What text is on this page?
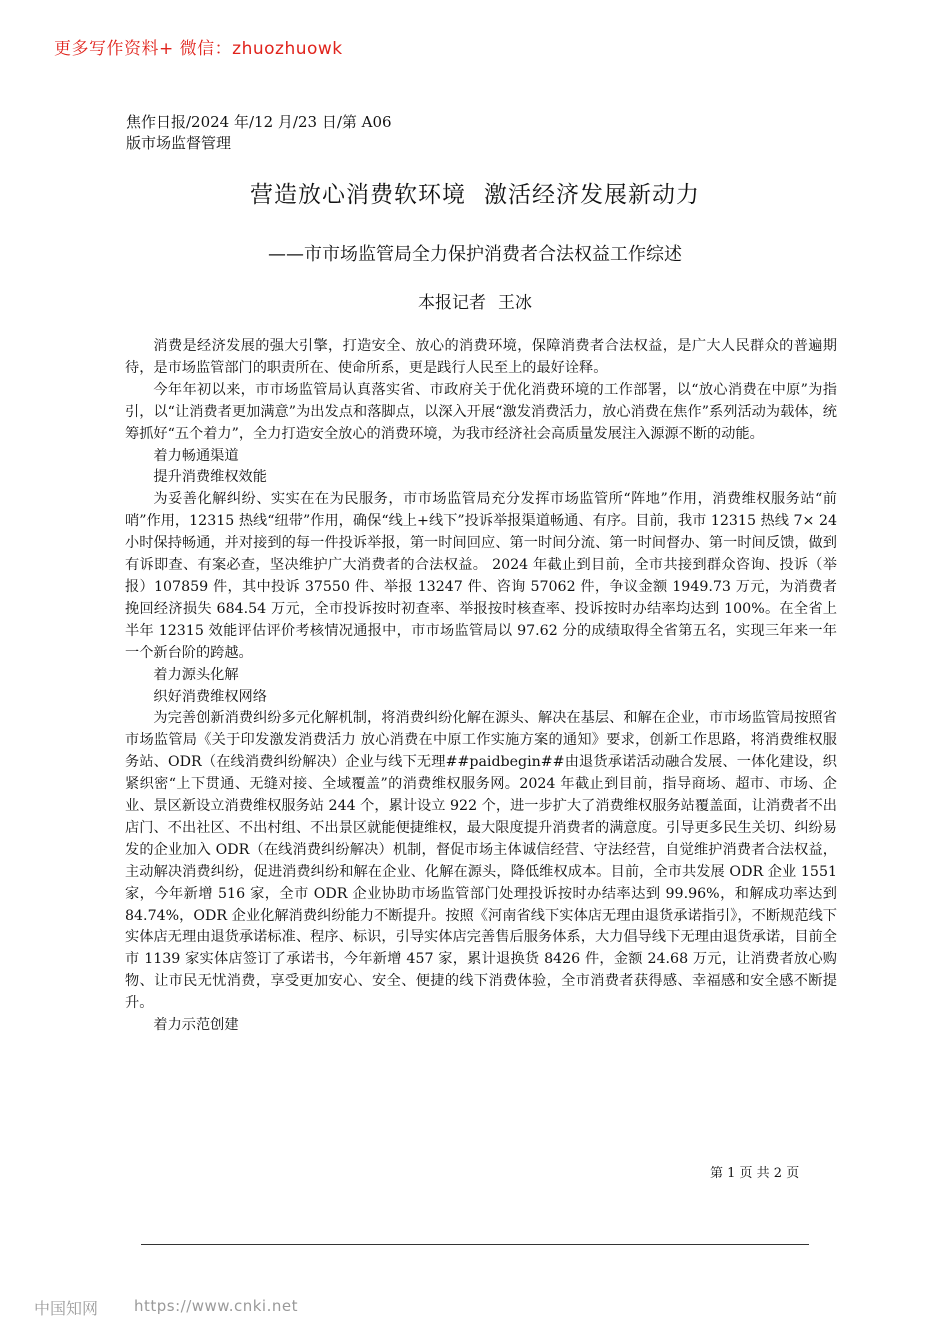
更多写作资料+ 微信：zhuozhuowk
焦作日报/2024 年/12 月/23 日/第 A06
版市场监督管理
营造放心消费软环境 激活经济发展新动力
——市市场监管局全力保护消费者合法权益工作综述
本报记者 王冰

消费是经济发展的强大引擎，打造安全、放心的消费环境，保障消费者合法权益，是广大人民群众的普遍期待，是市场监管部门的职责所在、使命所系，更是践行人民至上的最好诠释。

今年年初以来，市市场监管局认真落实省、市政府关于优化消费环境的工作部署，以“放心消费在中原”为指引，以“让消费者更加满意”为出发点和落脚点，以深入开展“激发消费活力，放心消费在焦作”系列活动为载体，统筹抓好“五个着力”，全力打造安全放心的消费环境，为我市经济社会高质量发展注入源源不断的动能。

着力畅通渠道

提升消费维权效能

为妥善化解纠纷、实实在在为民服务，市市场监管局充分发挥市场监管所“阵地”作用，消费维权服务站“前哨”作用，12315 热线“纽带”作用，确保“线上+线下”投诉举报渠道畅通、有序。目前，我市 12315 热线 7× 24 小时保持畅通，并对接到的每一件投诉举报，第一时间回应、第一时间分流、第一时间督办、第一时间反馈，做到有诉即查、有案必查，坚决维护广大消费者的合法权益。 2024 年截止到目前，全市共接到群众咨询、投诉（举报）107859 件，其中投诉 37550 件、举报 13247 件、咨询 57062 件，争议金额 1949.73 万元，为消费者挽回经济损失 684.54 万元，全市投诉按时初查率、举报按时核查率、投诉按时办结率均达到 100%。在全省上半年 12315 效能评估评价考核情况通报中，市市场监管局以 97.62 分的成绩取得全省第五名，实现三年来一年一个新台阶的跨越。

着力源头化解

织好消费维权网络

为完善创新消费纠纷多元化解机制，将消费纠纷化解在源头、解决在基层、和解在企业，市市场监管局按照省市场监管局《关于印发激发消费活力 放心消费在中原工作实施方案的通知》要求，创新工作思路，将消费维权服务站、ODR（在线消费纠纷解决）企业与线下无理##paidbegin##由退货承诺活动融合发展、一体化建设，织紧织密“上下贯通、无缝对接、全域覆盖”的消费维权服务网。2024 年截止到目前，指导商场、超市、市场、企业、景区新设立消费维权服务站 244 个，累计设立 922 个，进一步扩大了消费维权服务站覆盖面，让消费者不出店门、不出社区、不出村组、不出景区就能便捷维权，最大限度提升消费者的满意度。引导更多民生关切、纠纷易发的企业加入 ODR（在线消费纠纷解决）机制，督促市场主体诚信经营、守法经营，自觉维护消费者合法权益，主动解决消费纠纷，促进消费纠纷和解在企业、化解在源头，降低维权成本。目前，全市共发展 ODR 企业 1551 家，今年新增 516 家，全市 ODR 企业协助市场监管部门处理投诉按时办结率达到 99.96%，和解成功率达到 84.74%，ODR 企业化解消费纠纷能力不断提升。按照《河南省线下实体店无理由退货承诺指引》，不断规范线下实体店无理由退货承诺标准、程序、标识，引导实体店完善售后服务体系，大力倡导线下无理由退货承诺，目前全市 1139 家实体店签订了承诺书，今年新增 457 家，累计退换货 8426 件，金额 24.68 万元，让消费者放心购物、让市民无忧消费，享受更加安心、安全、便捷的线下消费体验，全市消费者获得感、幸福感和安全感不断提升。

着力示范创建

第 1 页 共 2 页
中国知网 https://www.cnki.net
